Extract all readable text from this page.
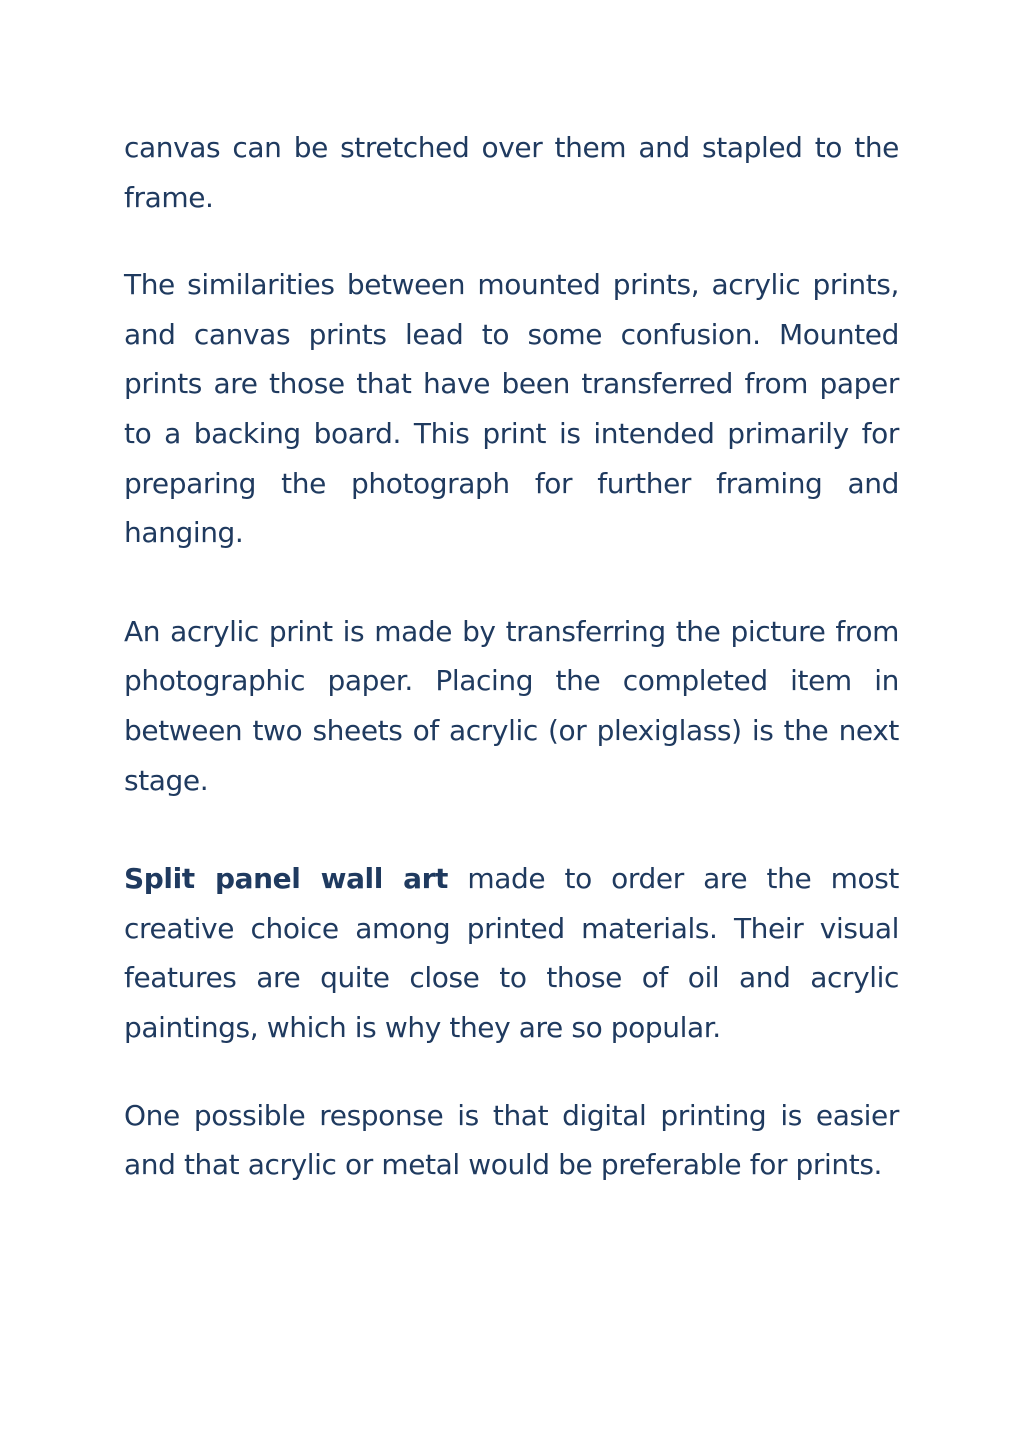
canvas can be stretched over them and stapled to the frame.

The similarities between mounted prints, acrylic prints, and canvas prints lead to some confusion. Mounted prints are those that have been transferred from paper to a backing board. This print is intended primarily for preparing the photograph for further framing and hanging.

An acrylic print is made by transferring the picture from photographic paper. Placing the completed item in between two sheets of acrylic (or plexiglass) is the next stage.

Split panel wall art made to order are the most creative choice among printed materials. Their visual features are quite close to those of oil and acrylic paintings, which is why they are so popular.

One possible response is that digital printing is easier and that acrylic or metal would be preferable for prints.
